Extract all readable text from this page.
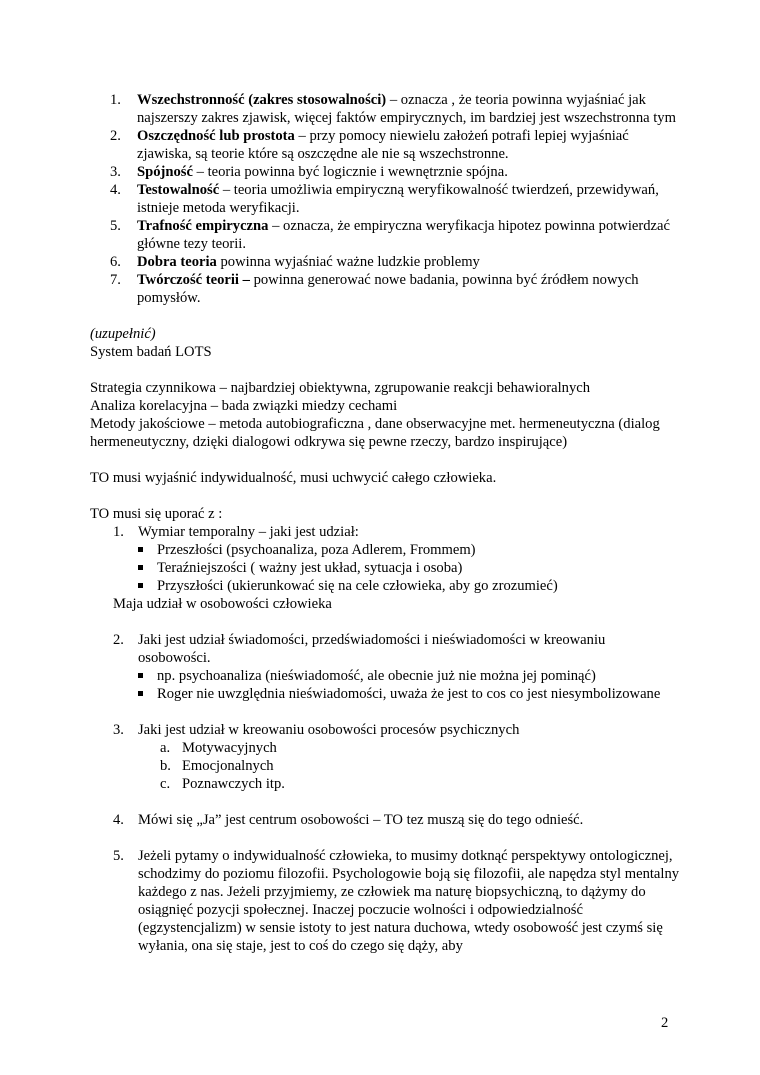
1. Wszechstronność (zakres stosowalności) – oznacza , że teoria powinna wyjaśniać jak najszerszy zakres zjawisk, więcej faktów empirycznych, im bardziej jest wszechstronna tym
2. Oszczędność lub prostota – przy pomocy niewielu założeń potrafi lepiej wyjaśniać zjawiska, są teorie które są oszczędne ale nie są wszechstronne.
3. Spójność – teoria powinna być logicznie i wewnętrznie spójna.
4. Testowalność – teoria umożliwia empiryczną weryfikowalność twierdzeń, przewidywań, istnieje metoda weryfikacji.
5. Trafność empiryczna – oznacza, że empiryczna weryfikacja hipotez powinna potwierdzać główne tezy teorii.
6. Dobra teoria powinna wyjaśniać ważne ludzkie problemy
7. Twórczość teorii – powinna generować nowe badania, powinna być źródłem nowych pomysłów.
(uzupełnić)
System badań LOTS
Strategia czynnikowa – najbardziej obiektywna, zgrupowanie reakcji behawioralnych
Analiza korelacyjna – bada związki miedzy cechami
Metody jakościowe – metoda autobiograficzna , dane obserwacyjne met. hermeneutyczna (dialog hermeneutyczny, dzięki dialogowi odkrywa się pewne rzeczy, bardzo inspirujące)
TO musi wyjaśnić indywidualność, musi uchwycić całego człowieka.
TO musi się uporać z :
1. Wymiar temporalny – jaki jest udział:
Przeszłości (psychoanaliza, poza Adlerem, Frommem)
Teraźniejszości ( ważny jest układ, sytuacja i osoba)
Przyszłości (ukierunkować się na cele człowieka, aby go zrozumieć)
Maja udział w osobowości człowieka
2. Jaki jest udział świadomości, przedświadomości i nieświadomości w kreowaniu osobowości.
np. psychoanaliza (nieświadomość, ale obecnie już nie można jej pominąć)
Roger nie uwzględnia nieświadomości, uważa że jest to cos co jest niesymbolizowane
3. Jaki jest udział w kreowaniu osobowości procesów psychicznych
a. Motywacyjnych
b. Emocjonalnych
c. Poznawczych itp.
4. Mówi się „Ja” jest centrum osobowości – TO tez muszą się do tego odnieść.
5. Jeżeli pytamy o indywidualność człowieka, to musimy dotknąć perspektywy ontologicznej, schodzimy do poziomu filozofii. Psychologowie boją się filozofii, ale napędza styl mentalny każdego z nas. Jeżeli przyjmiemy, ze człowiek ma naturę biopsychiczną, to dążymy do osiągnięć pozycji społecznej. Inaczej poczucie wolności i odpowiedzialność (egzystencjalizm) w sensie istoty to jest natura duchowa, wtedy osobowość jest czymś się wyłania, ona się staje, jest to coś do czego się dąży, aby
2
